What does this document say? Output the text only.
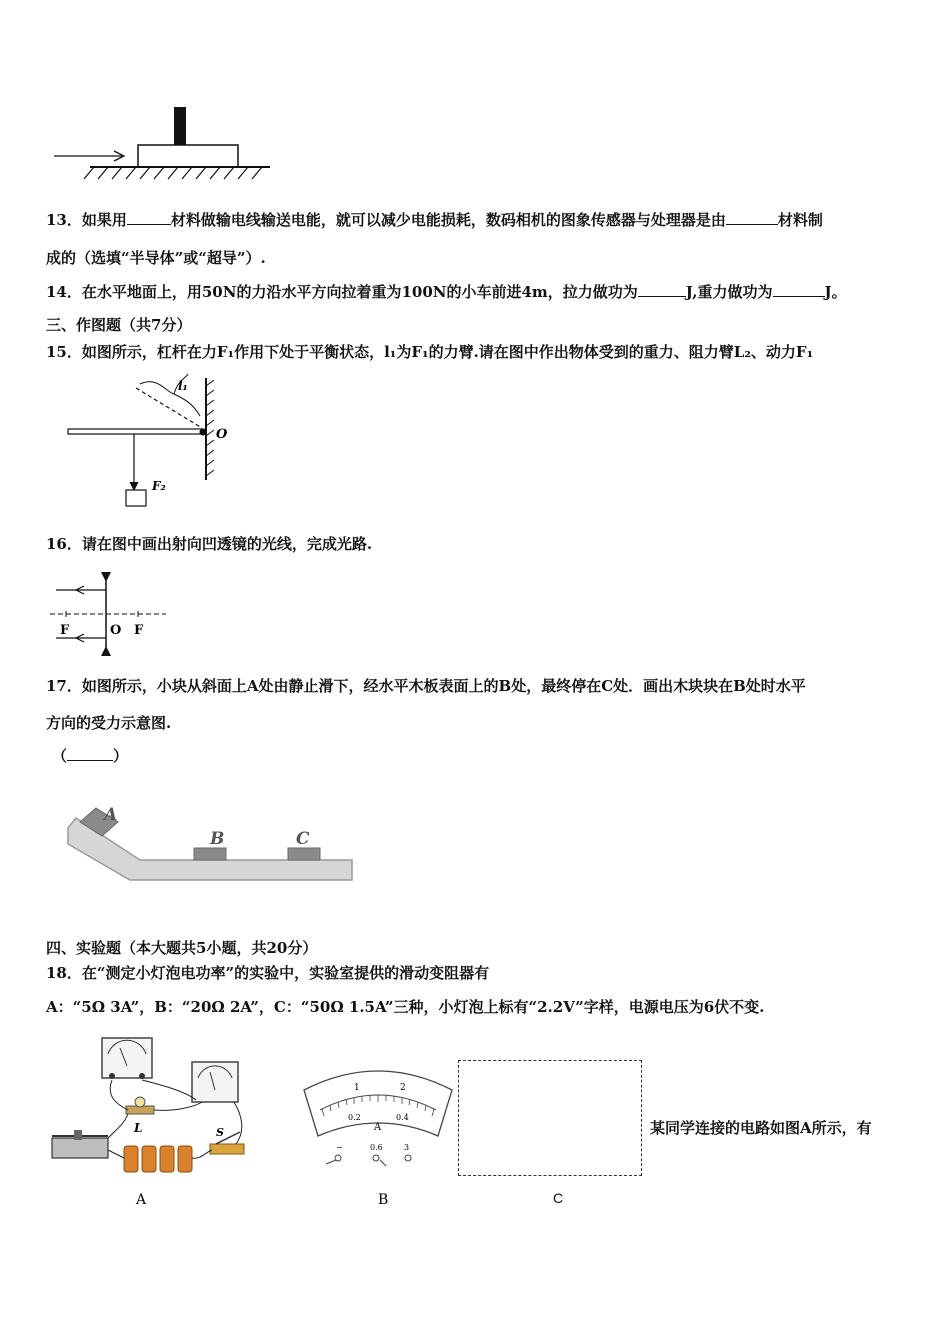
13．如果用	材料做输电线输送电能，就可以减少电能损耗，数码相机的图象传感器与处理器是由	材料制
成的（选填“半导体”或“超导”）.
14．在水平地面上，用50N的力沿水平方向拉着重为100N的小车前进4m，拉力做功为	J,重力做功为	J。
三、作图题（共7分）
15．如图所示，杠杆在力F₁作用下处于平衡状态，l₁为F₁的力臂.请在图中作出物体受到的重力、阻力臂L₂、动力F₁
l₁
O
F₂
16．请在图中画出射向凹透镜的光线，完成光路.
F	O F
17．如图所示，小块从斜面上A处由静止滑下，经水平木板表面上的B处，最终停在C处．画出木块块在B处时水平
方向的受力示意图.
（	）
A
B	C
四、实验题（本大题共5小题，共20分）
18．在“测定小灯泡电功率”的实验中，实验室提供的滑动变阻器有
A：“5Ω 3A”，B：“20Ω 2A”，C：“50Ω 1.5A”三种，小灯泡上标有“2.2V”字样，电源电压为6伏不变.
L	S
A
1	2
0.2	0.4
A
−	0.6	3
B	C
某同学连接的电路如图A所示，有
